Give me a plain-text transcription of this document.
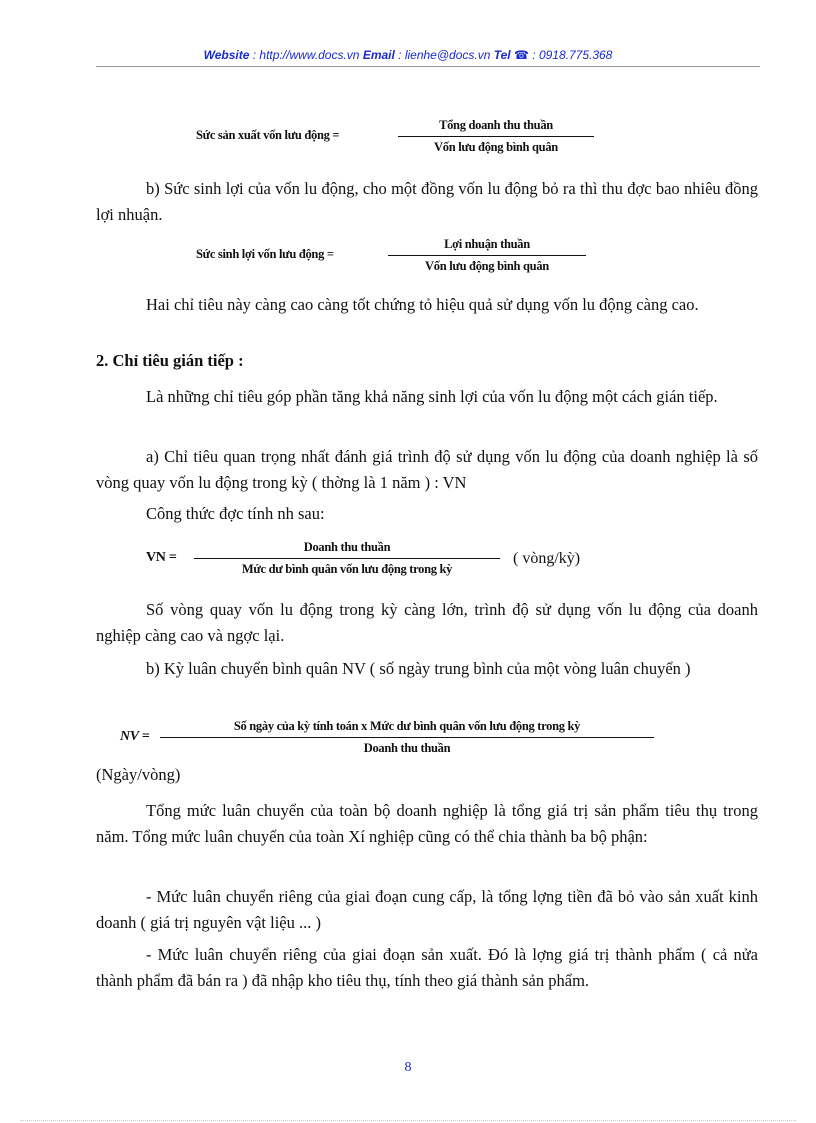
Website : http://www.docs.vn Email : lienhe@docs.vn Tel ☎ : 0918.775.368
Sức sản xuất vốn lưu động =
Tổng doanh thu thuần
Vốn lưu động bình quân

b) Sức sinh lợi của vốn lu động, cho một đồng vốn lu động bỏ ra thì thu đợc bao nhiêu đồng lợi nhuận.

Sức sinh lợi vốn lưu động =
Lợi nhuận thuần
Vốn lưu động bình quân

Hai chỉ tiêu này càng cao càng tốt chứng tỏ hiệu quả sử dụng vốn lu động càng cao.

2. Chỉ tiêu gián tiếp :

Là những chỉ tiêu góp phần tăng khả năng sinh lợi của vốn lu động một cách gián tiếp.

a) Chỉ tiêu quan trọng nhất đánh giá trình độ sử dụng vốn lu động của doanh nghiệp là số vòng quay vốn lu động trong kỳ ( thờng là 1 năm ) : VN

Công thức đợc tính nh sau:

VN =
Doanh thu thuần
Mức dư bình quân vốn lưu động trong kỳ
( vòng/kỳ)

Số vòng quay vốn lu động trong kỳ càng lớn, trình độ sử dụng vốn lu động của doanh nghiệp càng cao và ngợc lại.

b) Kỳ luân chuyển bình quân NV ( số ngày trung bình của một vòng luân chuyển )

NV =
Số ngày của kỳ tính toán x Mức dư bình quân vốn lưu động trong kỳ
Doanh thu thuần

(Ngày/vòng)

Tổng mức luân chuyển của toàn bộ doanh nghiệp là tổng giá trị sản phẩm tiêu thụ trong năm. Tổng mức luân chuyển của toàn Xí nghiệp cũng có thể chia thành ba bộ phận:

- Mức luân chuyển riêng của giai đoạn cung cấp, là tổng lợng tiền đã bỏ vào sản xuất kinh doanh ( giá trị nguyên vật liệu ... )

- Mức luân chuyển riêng của giai đoạn sản xuất. Đó là lợng giá trị thành phẩm ( cả nửa thành phẩm đã bán ra ) đã nhập kho tiêu thụ, tính theo giá thành sản phẩm.

8
